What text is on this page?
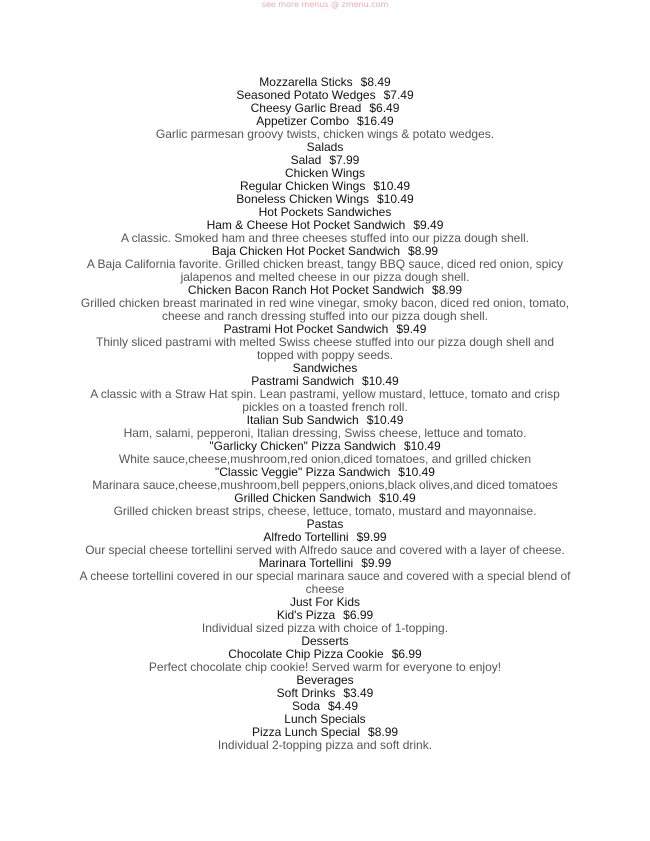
see more menus @ zmenu.com
Mozzarella Sticks $8.49
Seasoned Potato Wedges $7.49
Cheesy Garlic Bread $6.49
Appetizer Combo $16.49
Garlic parmesan groovy twists, chicken wings & potato wedges.
Salads
Salad $7.99
Chicken Wings
Regular Chicken Wings $10.49
Boneless Chicken Wings $10.49
Hot Pockets Sandwiches
Ham & Cheese Hot Pocket Sandwich $9.49
A classic. Smoked ham and three cheeses stuffed into our pizza dough shell.
Baja Chicken Hot Pocket Sandwich $8.99
A Baja California favorite. Grilled chicken breast, tangy BBQ sauce, diced red onion, spicy jalapenos and melted cheese in our pizza dough shell.
Chicken Bacon Ranch Hot Pocket Sandwich $8.99
Grilled chicken breast marinated in red wine vinegar, smoky bacon, diced red onion, tomato, cheese and ranch dressing stuffed into our pizza dough shell.
Pastrami Hot Pocket Sandwich $9.49
Thinly sliced pastrami with melted Swiss cheese stuffed into our pizza dough shell and topped with poppy seeds.
Sandwiches
Pastrami Sandwich $10.49
A classic with a Straw Hat spin. Lean pastrami, yellow mustard, lettuce, tomato and crisp pickles on a toasted french roll.
Italian Sub Sandwich $10.49
Ham, salami, pepperoni, Italian dressing, Swiss cheese, lettuce and tomato.
"Garlicky Chicken" Pizza Sandwich $10.49
White sauce,cheese,mushroom,red onion,diced tomatoes, and grilled chicken
"Classic Veggie" Pizza Sandwich $10.49
Marinara sauce,cheese,mushroom,bell peppers,onions,black olives,and diced tomatoes
Grilled Chicken Sandwich $10.49
Grilled chicken breast strips, cheese, lettuce, tomato, mustard and mayonnaise.
Pastas
Alfredo Tortellini $9.99
Our special cheese tortellini served with Alfredo sauce and covered with a layer of cheese.
Marinara Tortellini $9.99
A cheese tortellini covered in our special marinara sauce and covered with a special blend of cheese
Just For Kids
Kid's Pizza $6.99
Individual sized pizza with choice of 1-topping.
Desserts
Chocolate Chip Pizza Cookie $6.99
Perfect chocolate chip cookie! Served warm for everyone to enjoy!
Beverages
Soft Drinks $3.49
Soda $4.49
Lunch Specials
Pizza Lunch Special $8.99
Individual 2-topping pizza and soft drink.
